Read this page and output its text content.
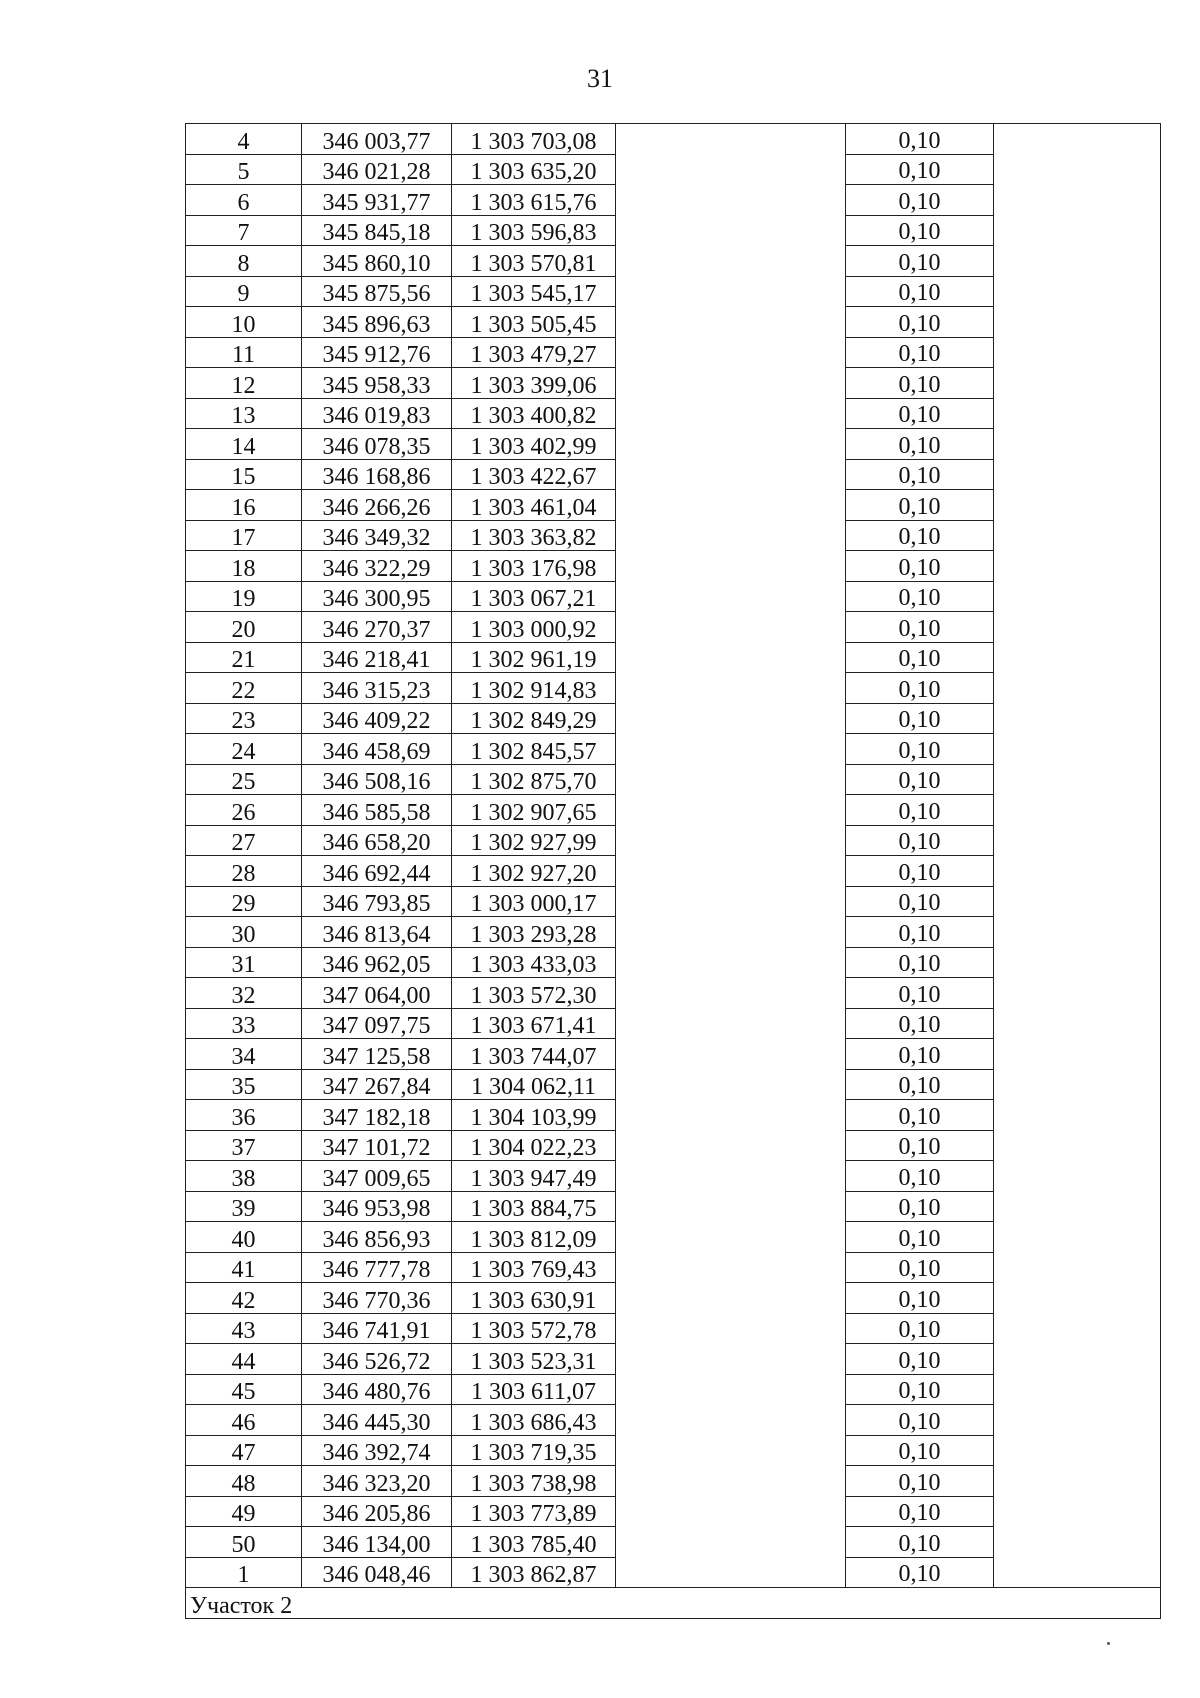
31
4	346 003,77	1 303 703,08		0,10	
5	346 021,28	1 303 635,20		0,10	
6	345 931,77	1 303 615,76		0,10	
7	345 845,18	1 303 596,83		0,10	
8	345 860,10	1 303 570,81		0,10	
9	345 875,56	1 303 545,17		0,10	
10	345 896,63	1 303 505,45		0,10	
11	345 912,76	1 303 479,27		0,10	
12	345 958,33	1 303 399,06		0,10	
13	346 019,83	1 303 400,82		0,10	
14	346 078,35	1 303 402,99		0,10	
15	346 168,86	1 303 422,67		0,10	
16	346 266,26	1 303 461,04		0,10	
17	346 349,32	1 303 363,82		0,10	
18	346 322,29	1 303 176,98		0,10	
19	346 300,95	1 303 067,21		0,10	
20	346 270,37	1 303 000,92		0,10	
21	346 218,41	1 302 961,19		0,10	
22	346 315,23	1 302 914,83		0,10	
23	346 409,22	1 302 849,29		0,10	
24	346 458,69	1 302 845,57		0,10	
25	346 508,16	1 302 875,70		0,10	
26	346 585,58	1 302 907,65		0,10	
27	346 658,20	1 302 927,99		0,10	
28	346 692,44	1 302 927,20		0,10	
29	346 793,85	1 303 000,17		0,10	
30	346 813,64	1 303 293,28		0,10	
31	346 962,05	1 303 433,03		0,10	
32	347 064,00	1 303 572,30		0,10	
33	347 097,75	1 303 671,41		0,10	
34	347 125,58	1 303 744,07		0,10	
35	347 267,84	1 304 062,11		0,10	
36	347 182,18	1 304 103,99		0,10	
37	347 101,72	1 304 022,23		0,10	
38	347 009,65	1 303 947,49		0,10	
39	346 953,98	1 303 884,75		0,10	
40	346 856,93	1 303 812,09		0,10	
41	346 777,78	1 303 769,43		0,10	
42	346 770,36	1 303 630,91		0,10	
43	346 741,91	1 303 572,78		0,10	
44	346 526,72	1 303 523,31		0,10	
45	346 480,76	1 303 611,07		0,10	
46	346 445,30	1 303 686,43		0,10	
47	346 392,74	1 303 719,35		0,10	
48	346 323,20	1 303 738,98		0,10	
49	346 205,86	1 303 773,89		0,10	
50	346 134,00	1 303 785,40		0,10	
1	346 048,46	1 303 862,87		0,10	
Участок 2					
